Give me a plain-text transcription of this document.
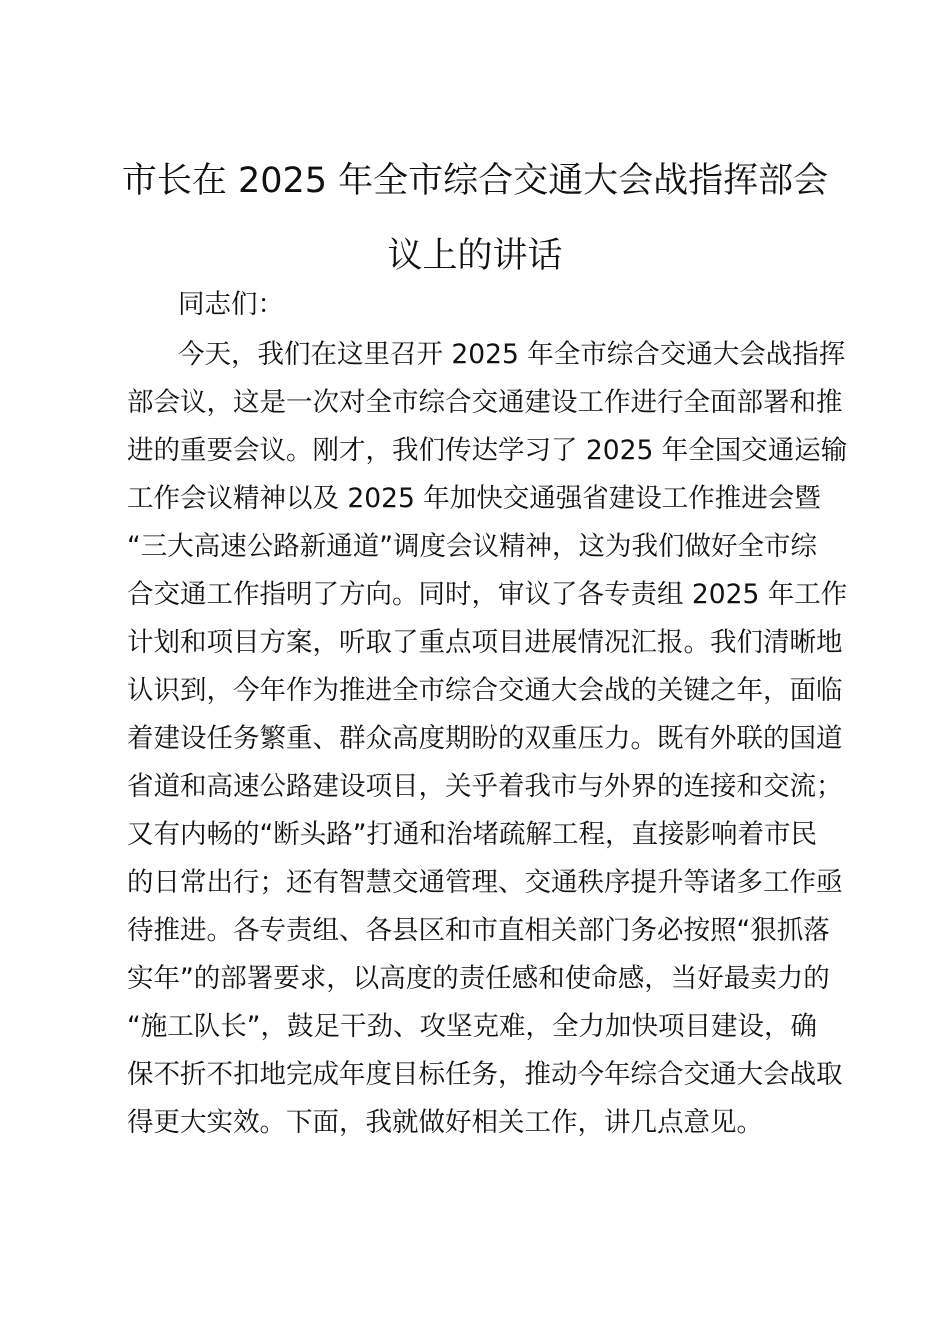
市长在 2025 年全市综合交通大会战指挥部会
议上的讲话
同志们：
今天，我们在这里召开 2025 年全市综合交通大会战指挥
部会议，这是一次对全市综合交通建设工作进行全面部署和推
进的重要会议。刚才，我们传达学习了 2025 年全国交通运输
工作会议精神以及 2025 年加快交通强省建设工作推进会暨
“三大高速公路新通道”调度会议精神，这为我们做好全市综
合交通工作指明了方向。同时，审议了各专责组 2025 年工作
计划和项目方案，听取了重点项目进展情况汇报。我们清晰地
认识到，今年作为推进全市综合交通大会战的关键之年，面临
着建设任务繁重、群众高度期盼的双重压力。既有外联的国道
省道和高速公路建设项目，关乎着我市与外界的连接和交流；
又有内畅的“断头路”打通和治堵疏解工程，直接影响着市民
的日常出行；还有智慧交通管理、交通秩序提升等诸多工作亟
待推进。各专责组、各县区和市直相关部门务必按照“狠抓落
实年”的部署要求，以高度的责任感和使命感，当好最卖力的
“施工队长”，鼓足干劲、攻坚克难，全力加快项目建设，确
保不折不扣地完成年度目标任务，推动今年综合交通大会战取
得更大实效。下面，我就做好相关工作，讲几点意见。
